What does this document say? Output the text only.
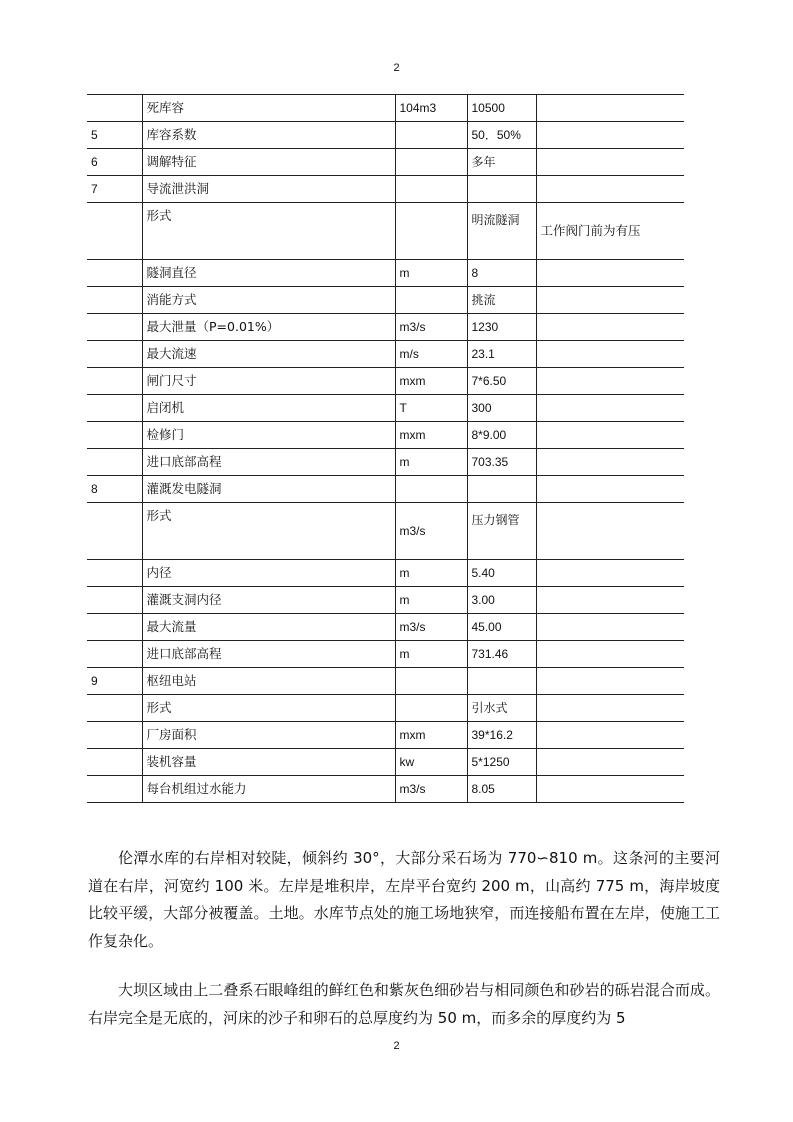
2
	死库容	104m3	10500	
5	库容系数		50．50%	
6	调解特征		多年	
7	导流泄洪洞			
	形式		明流隧洞	工作阀门前为有压
	隧洞直径	m	8	
	消能方式		挑流	
	最大泄量（P=0.01%）	m3/s	1230	
	最大流速	m/s	23.1	
	闸门尺寸	mxm	7*6.50	
	启闭机	T	300	
	检修门	mxm	8*9.00	
	进口底部高程	m	703.35	
8	灌溉发电隧洞			
	形式	m3/s	压力钢管	
	内径	m	5.40	
	灌溉支洞内径	m	3.00	
	最大流量	m3/s	45.00	
	进口底部高程	m	731.46	
9	枢纽电站			
	形式		引水式	
	厂房面积	mxm	39*16.2	
	装机容量	kw	5*1250	
	每台机组过水能力	m3/s	8.05	

伦潭水库的右岸相对较陡，倾斜约 30°，大部分采石场为 770∽810 m。这条河的主要河道在右岸，河宽约 100 米。左岸是堆积岸，左岸平台宽约 200 m，山高约 775 m，海岸坡度比较平缓，大部分被覆盖。土地。水库节点处的施工场地狭窄，而连接船布置在左岸，使施工工作复杂化。

大坝区域由上二叠系石眼峰组的鲜红色和紫灰色细砂岩与相同颜色和砂岩的砾岩混合而成。右岸完全是无底的，河床的沙子和卵石的总厚度约为 50 m，而多余的厚度约为 5

2
